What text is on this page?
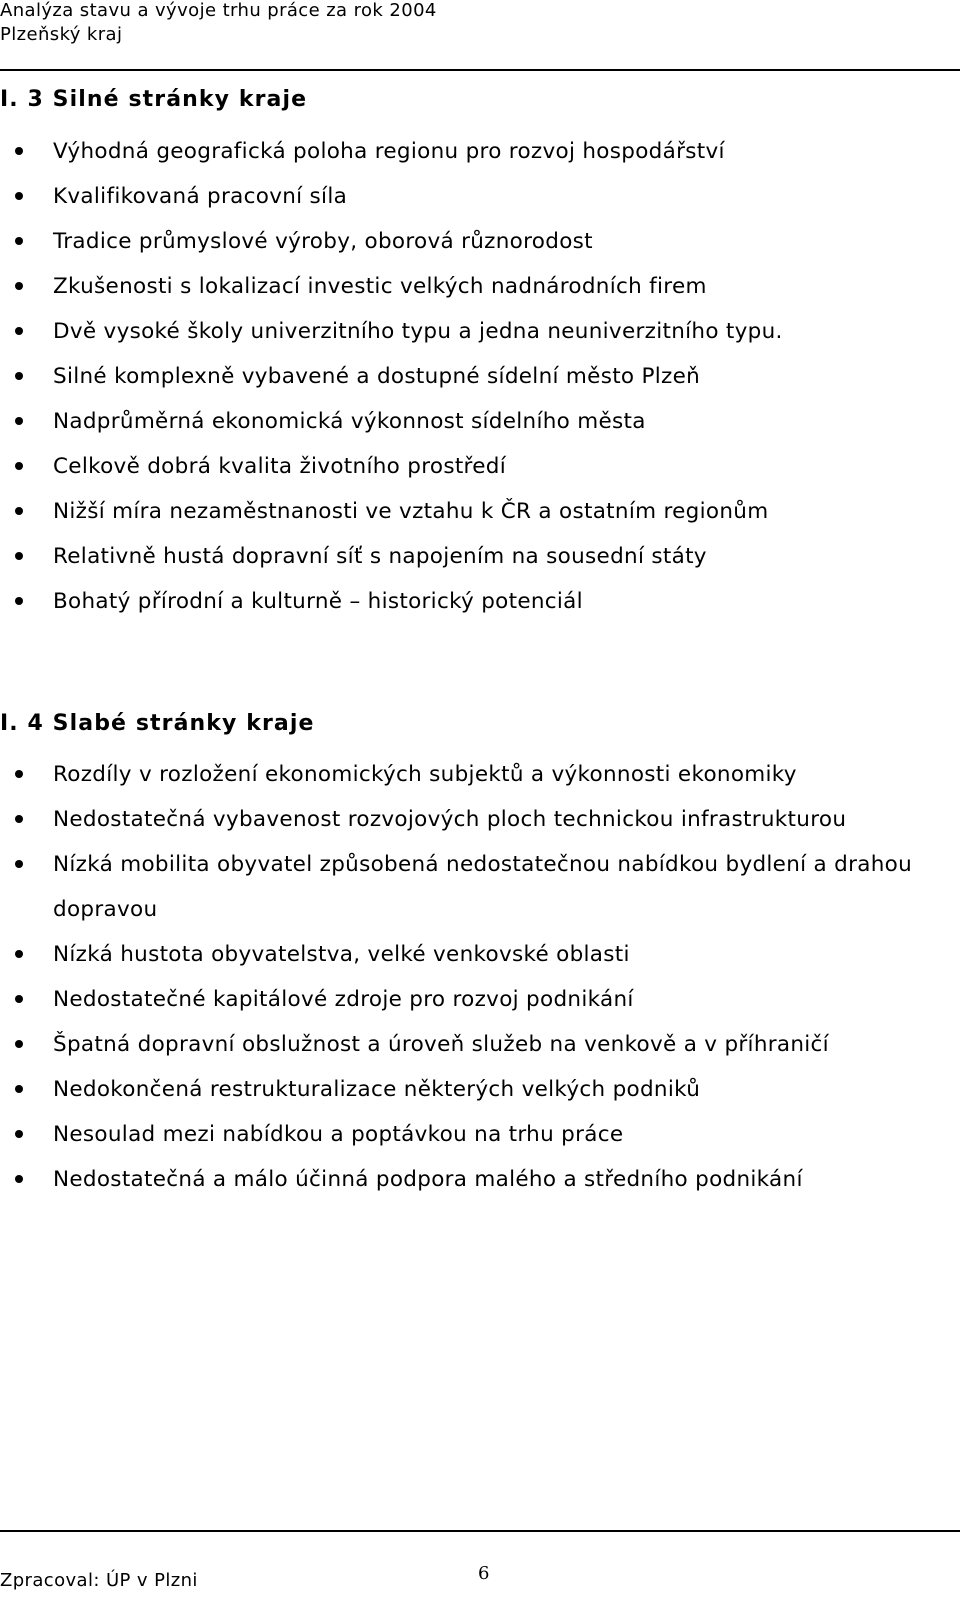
Analýza stavu a vývoje trhu práce za rok 2004
Plzeňský kraj
I. 3 Silné stránky kraje
Výhodná geografická poloha regionu pro rozvoj hospodářství
Kvalifikovaná pracovní síla
Tradice průmyslové výroby, oborová různorodost
Zkušenosti s lokalizací investic velkých nadnárodních firem
Dvě vysoké školy univerzitního typu a jedna neuniverzitního typu.
Silné komplexně vybavené a dostupné sídelní město Plzeň
Nadprůměrná ekonomická výkonnost sídelního města
Celkově dobrá kvalita životního prostředí
Nižší míra nezaměstnanosti ve vztahu k ČR a ostatním regionům
Relativně hustá dopravní síť s napojením na sousední státy
Bohatý přírodní a kulturně – historický potenciál
I. 4 Slabé stránky kraje
Rozdíly v rozložení ekonomických subjektů a výkonnosti ekonomiky
Nedostatečná vybavenost rozvojových ploch technickou infrastrukturou
Nízká mobilita obyvatel způsobená nedostatečnou nabídkou bydlení a drahou dopravou
Nízká hustota obyvatelstva, velké venkovské oblasti
Nedostatečné kapitálové zdroje pro rozvoj podnikání
Špatná dopravní obslužnost a úroveň služeb na venkově a v příhraničí
Nedokončená restrukturalizace některých velkých podniků
Nesoulad mezi nabídkou a poptávkou na trhu práce
Nedostatečná a málo účinná podpora malého a středního podnikání
Zpracoval: ÚP v Plzni	6
